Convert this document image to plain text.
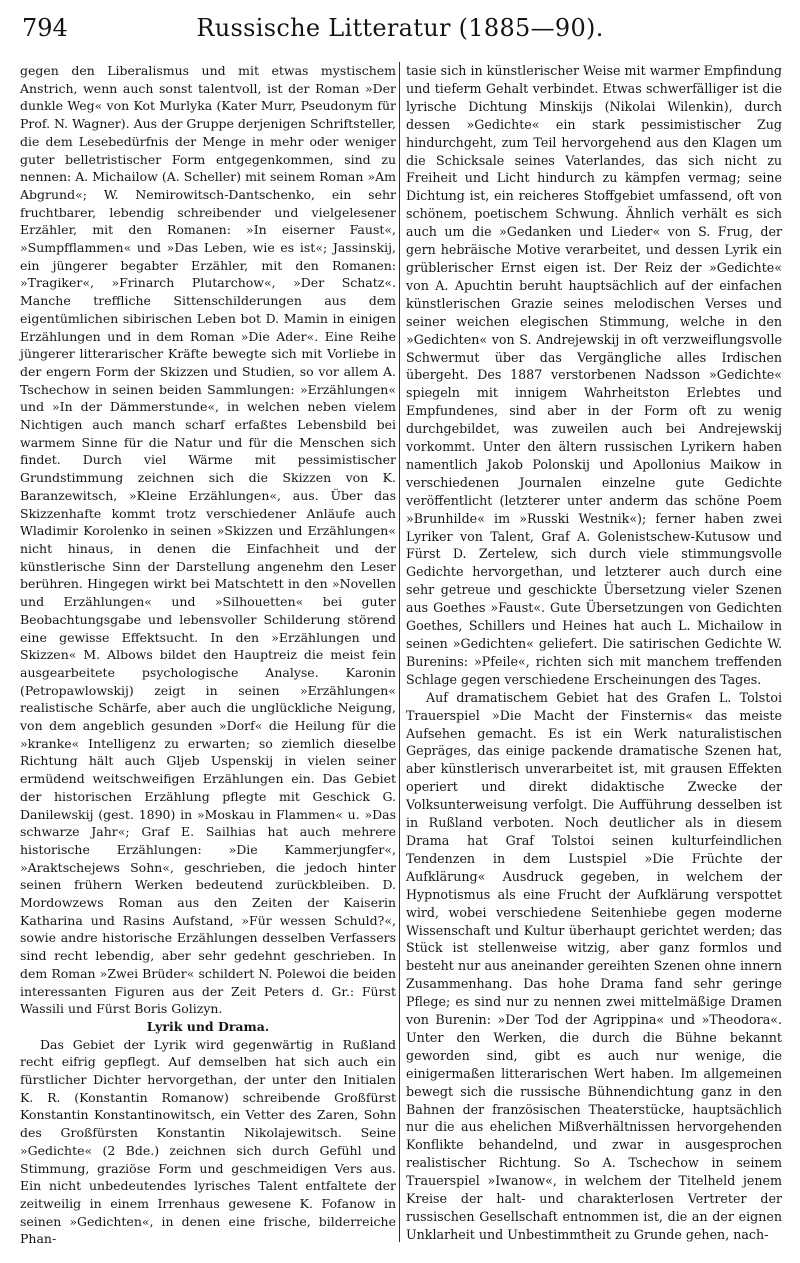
794	Russische Litteratur (1885—90).

gegen den Liberalismus und mit etwas mystischem Anstrich, wenn auch sonst talentvoll, ist der Roman »Der dunkle Weg« von Kot Murlyka (Kater Murr, Pseudonym für Prof. N. Wagner). Aus der Gruppe derjenigen Schriftsteller, die dem Lesebedürfnis der Menge in mehr oder weniger guter belletristischer Form entgegenkommen, sind zu nennen: A. Michailow (A. Scheller) mit seinem Roman »Am Abgrund«; W. Nemirowitsch-Dantschenko, ein sehr fruchtbarer, lebendig schreibender und vielgelesener Erzähler, mit den Romanen: »In eiserner Faust«, »Sumpfflammen« und »Das Leben, wie es ist«; Jassinskij, ein jüngerer begabter Erzähler, mit den Romanen: »Tragiker«, »Frinarch Plutarchow«, »Der Schatz«. Manche treffliche Sittenschilderungen aus dem eigentümlichen sibirischen Leben bot D. Mamin in einigen Erzählungen und in dem Roman »Die Ader«. Eine Reihe jüngerer litterarischer Kräfte bewegte sich mit Vorliebe in der engern Form der Skizzen und Studien, so vor allem A. Tschechow in seinen beiden Sammlungen: »Erzählungen« und »In der Dämmerstunde«, in welchen neben vielem Nichtigen auch manch scharf erfaßtes Lebensbild bei warmem Sinne für die Natur und für die Menschen sich findet. Durch viel Wärme mit pessimistischer Grundstimmung zeichnen sich die Skizzen von K. Baranzewitsch, »Kleine Erzählungen«, aus. Über das Skizzenhafte kommt trotz verschiedener Anläufe auch Wladimir Korolenko in seinen »Skizzen und Erzählungen« nicht hinaus, in denen die Einfachheit und der künstlerische Sinn der Darstellung angenehm den Leser berühren. Hingegen wirkt bei Matschtett in den »Novellen und Erzählungen« und »Silhouetten« bei guter Beobachtungsgabe und lebensvoller Schilderung störend eine gewisse Effektsucht. In den »Erzählungen und Skizzen« M. Albows bildet den Hauptreiz die meist fein ausgearbeitete psychologische Analyse. Karonin (Petropawlowskij) zeigt in seinen »Erzählungen« realistische Schärfe, aber auch die unglückliche Neigung, von dem angeblich gesunden »Dorf« die Heilung für die »kranke« Intelligenz zu erwarten; so ziemlich dieselbe Richtung hält auch Gljeb Uspenskij in vielen seiner ermüdend weitschweifigen Erzählungen ein. Das Gebiet der historischen Erzählung pflegte mit Geschick G. Danilewskij (gest. 1890) in »Moskau in Flammen« u. »Das schwarze Jahr«; Graf E. Sailhias hat auch mehrere historische Erzählungen: »Die Kammerjungfer«, »Araktschejews Sohn«, geschrieben, die jedoch hinter seinen frühern Werken bedeutend zurückbleiben. D. Mordowzews Roman aus den Zeiten der Kaiserin Katharina und Rasins Aufstand, »Für wessen Schuld?«, sowie andre historische Erzählungen desselben Verfassers sind recht lebendig, aber sehr gedehnt geschrieben. In dem Roman »Zwei Brüder« schildert N. Polewoi die beiden interessanten Figuren aus der Zeit Peters d. Gr.: Fürst Wassili und Fürst Boris Golizyn.

Lyrik und Drama.

Das Gebiet der Lyrik wird gegenwärtig in Rußland recht eifrig gepflegt. Auf demselben hat sich auch ein fürstlicher Dichter hervorgethan, der unter den Initialen K. R. (Konstantin Romanow) schreibende Großfürst Konstantin Konstantinowitsch, ein Vetter des Zaren, Sohn des Großfürsten Konstantin Nikolajewitsch. Seine »Gedichte« (2 Bde.) zeichnen sich durch Gefühl und Stimmung, graziöse Form und geschmeidigen Vers aus. Ein nicht unbedeutendes lyrisches Talent entfaltete der zeitweilig in einem Irrenhaus gewesene K. Fofanow in seinen »Gedichten«, in denen eine frische, bilderreiche Phan-

tasie sich in künstlerischer Weise mit warmer Empfindung und tieferm Gehalt verbindet. Etwas schwerfälliger ist die lyrische Dichtung Minskijs (Nikolai Wilenkin), durch dessen »Gedichte« ein stark pessimistischer Zug hindurchgeht, zum Teil hervorgehend aus den Klagen um die Schicksale seines Vaterlandes, das sich nicht zu Freiheit und Licht hindurch zu kämpfen vermag; seine Dichtung ist, ein reicheres Stoffgebiet umfassend, oft von schönem, poetischem Schwung. Ähnlich verhält es sich auch um die »Gedanken und Lieder« von S. Frug, der gern hebräische Motive verarbeitet, und dessen Lyrik ein grüblerischer Ernst eigen ist. Der Reiz der »Gedichte« von A. Apuchtin beruht hauptsächlich auf der einfachen künstlerischen Grazie seines melodischen Verses und seiner weichen elegischen Stimmung, welche in den »Gedichten« von S. Andrejewskij in oft verzweiflungsvolle Schwermut über das Vergängliche alles Irdischen übergeht. Des 1887 verstorbenen Nadsson »Gedichte« spiegeln mit innigem Wahrheitston Erlebtes und Empfundenes, sind aber in der Form oft zu wenig durchgebildet, was zuweilen auch bei Andrejewskij vorkommt. Unter den ältern russischen Lyrikern haben namentlich Jakob Polonskij und Apollonius Maikow in verschiedenen Journalen einzelne gute Gedichte veröffentlicht (letzterer unter anderm das schöne Poem »Brunhilde« im »Russki Westnik«); ferner haben zwei Lyriker von Talent, Graf A. Golenistschew-Kutusow und Fürst D. Zertelew, sich durch viele stimmungsvolle Gedichte hervorgethan, und letzterer auch durch eine sehr getreue und geschickte Übersetzung vieler Szenen aus Goethes »Faust«. Gute Übersetzungen von Gedichten Goethes, Schillers und Heines hat auch L. Michailow in seinen »Gedichten« geliefert. Die satirischen Gedichte W. Burenins: »Pfeile«, richten sich mit manchem treffenden Schlage gegen verschiedene Erscheinungen des Tages.

Auf dramatischem Gebiet hat des Grafen L. Tolstoi Trauerspiel »Die Macht der Finsternis« das meiste Aufsehen gemacht. Es ist ein Werk naturalistischen Gepräges, das einige packende dramatische Szenen hat, aber künstlerisch unverarbeitet ist, mit grausen Effekten operiert und direkt didaktische Zwecke der Volksunterweisung verfolgt. Die Aufführung desselben ist in Rußland verboten. Noch deutlicher als in diesem Drama hat Graf Tolstoi seinen kulturfeindlichen Tendenzen in dem Lustspiel »Die Früchte der Aufklärung« Ausdruck gegeben, in welchem der Hypnotismus als eine Frucht der Aufklärung verspottet wird, wobei verschiedene Seitenhiebe gegen moderne Wissenschaft und Kultur überhaupt gerichtet werden; das Stück ist stellenweise witzig, aber ganz formlos und besteht nur aus aneinander gereihten Szenen ohne innern Zusammenhang. Das hohe Drama fand sehr geringe Pflege; es sind nur zu nennen zwei mittelmäßige Dramen von Burenin: »Der Tod der Agrippina« und »Theodora«. Unter den Werken, die durch die Bühne bekannt geworden sind, gibt es auch nur wenige, die einigermaßen litterarischen Wert haben. Im allgemeinen bewegt sich die russische Bühnendichtung ganz in den Bahnen der französischen Theaterstücke, hauptsächlich nur die aus ehelichen Mißverhältnissen hervorgehenden Konflikte behandelnd, und zwar in ausgesprochen realistischer Richtung. So A. Tschechow in seinem Trauerspiel »Iwanow«, in welchem der Titelheld jenem Kreise der halt- und charakterlosen Vertreter der russischen Gesellschaft entnommen ist, die an der eignen Unklarheit und Unbestimmtheit zu Grunde gehen, nach-
